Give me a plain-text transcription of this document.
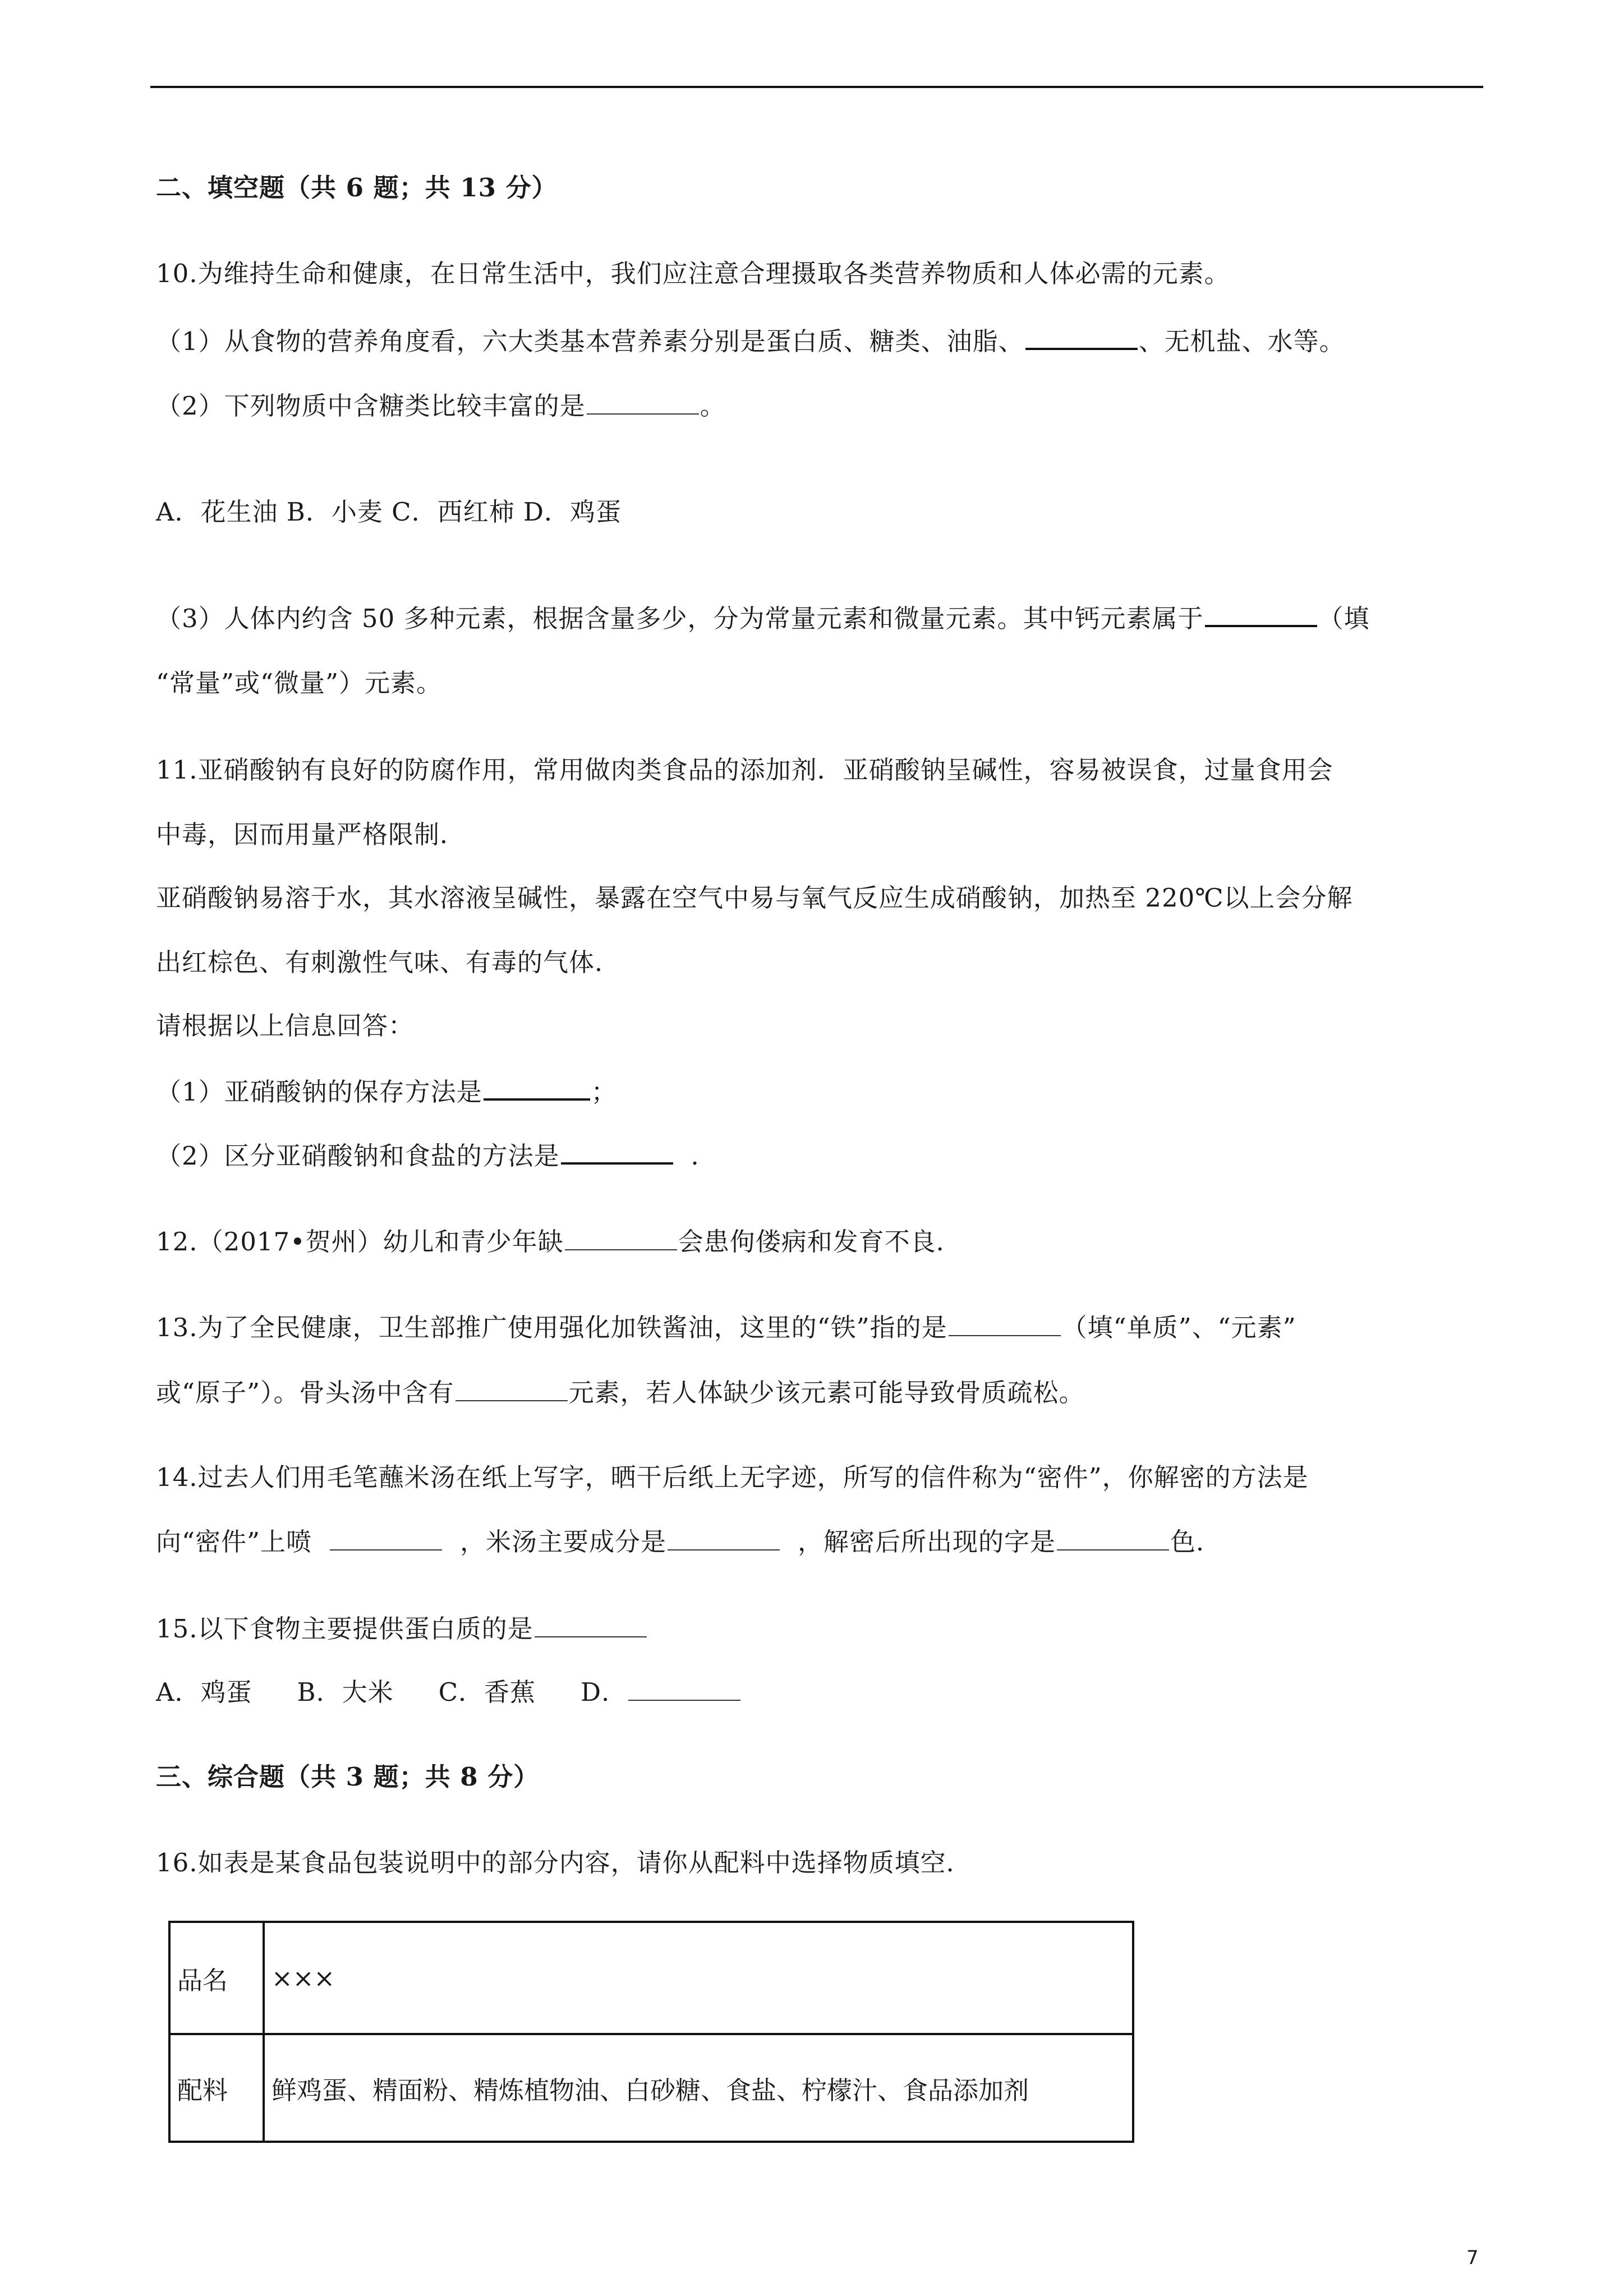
二、填空题（共 6 题；共 13 分）
10.为维持生命和健康，在日常生活中，我们应注意合理摄取各类营养物质和人体必需的元素。
（1）从食物的营养角度看，六大类基本营养素分别是蛋白质、糖类、油脂、	、无机盐、水等。
（2）下列物质中含糖类比较丰富的是	。
A．花生油 B．小麦 C．西红柿 D．鸡蛋
（3）人体内约含 50 多种元素，根据含量多少，分为常量元素和微量元素。其中钙元素属于	（填
“常量”或“微量”）元素。
11.亚硝酸钠有良好的防腐作用，常用做肉类食品的添加剂．亚硝酸钠呈碱性，容易被误食，过量食用会
中毒，因而用量严格限制．
亚硝酸钠易溶于水，其水溶液呈碱性，暴露在空气中易与氧气反应生成硝酸钠，加热至 220℃以上会分解
出红棕色、有刺激性气味、有毒的气体．
请根据以上信息回答：
（1）亚硝酸钠的保存方法是	；
（2）区分亚硝酸钠和食盐的方法是	．
12.（2017•贺州）幼儿和青少年缺	会患佝偻病和发育不良．
13.为了全民健康，卫生部推广使用强化加铁酱油，这里的“铁”指的是	（填“单质”、“元素”
或“原子”）。骨头汤中含有	元素，若人体缺少该元素可能导致骨质疏松。
14.过去人们用毛笔蘸米汤在纸上写字，晒干后纸上无字迹，所写的信件称为“密件”，你解密的方法是
向“密件”上喷	，米汤主要成分是	，解密后所出现的字是	色．
15.以下食物主要提供蛋白质的是
A．鸡蛋 B．大米 C．香蕉 D．
三、综合题（共 3 题；共 8 分）
16.如表是某食品包装说明中的部分内容，请你从配料中选择物质填空．
品名	×××
配料	鲜鸡蛋、精面粉、精炼植物油、白砂糖、食盐、柠檬汁、食品添加剂
7
